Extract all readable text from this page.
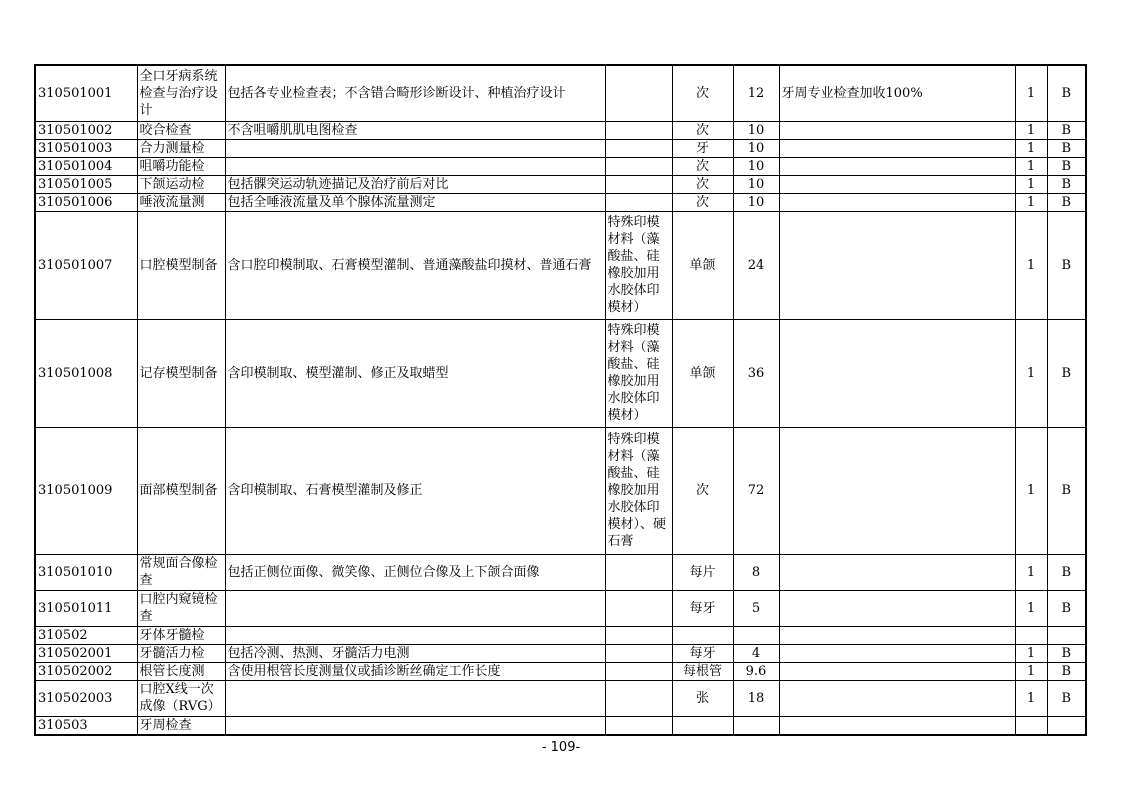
310501001	全口牙病系统检查与治疗设计	包括各专业检查表；不含错合畸形诊断设计、种植治疗设计		次	12	牙周专业检查加收100%	1	B
310501002	咬合检查	不含咀嚼肌肌电图检查		次	10		1	B
310501003	合力测量检			牙	10		1	B
310501004	咀嚼功能检			次	10		1	B
310501005	下颌运动检	包括髁突运动轨迹描记及治疗前后对比		次	10		1	B
310501006	唾液流量测	包括全唾液流量及单个腺体流量测定		次	10		1	B
310501007	口腔模型制备	含口腔印模制取、石膏模型灌制、普通藻酸盐印摸材、普通石膏	特殊印模材料（藻酸盐、硅橡胶加用水胶体印模材）	单颌	24		1	B
310501008	记存模型制备	含印模制取、模型灌制、修正及取蜡型	特殊印模材料（藻酸盐、硅橡胶加用水胶体印模材）	单颌	36		1	B
310501009	面部模型制备	含印模制取、石膏模型灌制及修正	特殊印模材料（藻酸盐、硅橡胶加用水胶体印模材）、硬石膏	次	72		1	B
310501010	常规面合像检查	包括正侧位面像、微笑像、正侧位合像及上下颌合面像		每片	8		1	B
310501011	口腔内窥镜检查			每牙	5		1	B
310502	牙体牙髓检							
310502001	牙髓活力检	包括冷测、热测、牙髓活力电测		每牙	4		1	B
310502002	根管长度测	含使用根管长度测量仪或插诊断丝确定工作长度		每根管	9.6		1	B
310502003	口腔X线一次成像（RVG）			张	18		1	B
310503	牙周检查							
- 109-
